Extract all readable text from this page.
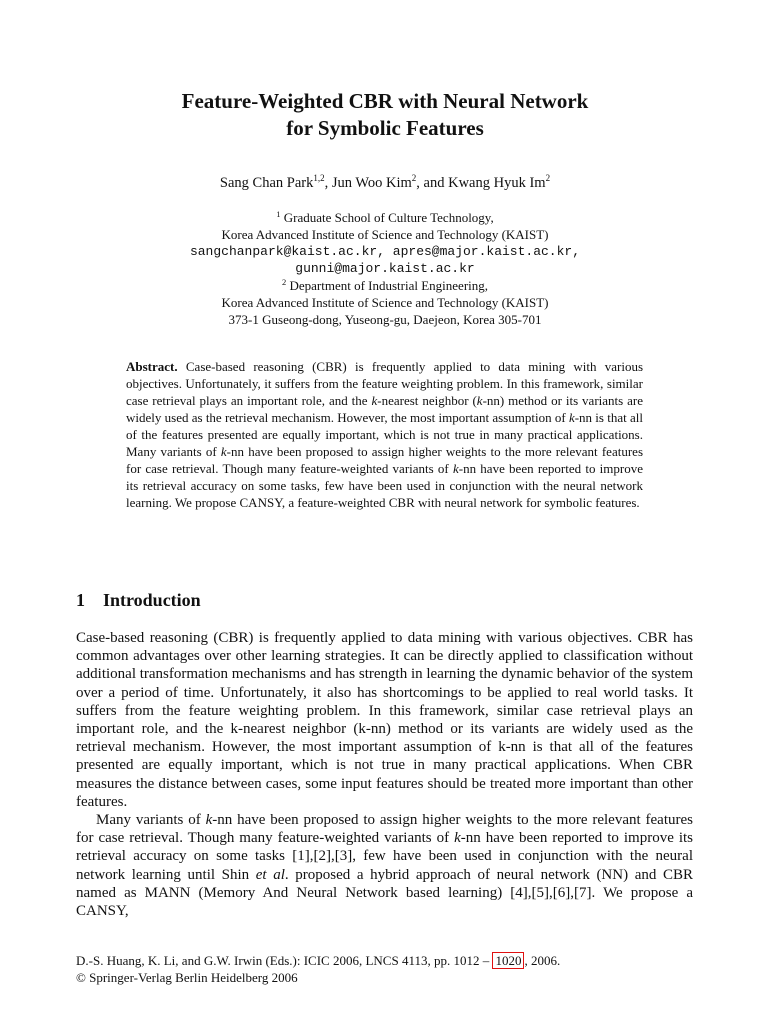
Feature-Weighted CBR with Neural Network
for Symbolic Features
Sang Chan Park$^{1,2}$, Jun Woo Kim$^2$, and Kwang Hyuk Im$^2$
$^1$ Graduate School of Culture Technology,
Korea Advanced Institute of Science and Technology (KAIST)
sangchanpark@kaist.ac.kr, apres@major.kaist.ac.kr,
gunni@major.kaist.ac.kr
$^2$ Department of Industrial Engineering,
Korea Advanced Institute of Science and Technology (KAIST)
373-1 Guseong-dong, Yuseong-gu, Daejeon, Korea 305-701
Abstract. Case-based reasoning (CBR) is frequently applied to data mining with various objectives. Unfortunately, it suffers from the feature weighting problem. In this framework, similar case retrieval plays an important role, and the k-nearest neighbor (k-nn) method or its variants are widely used as the retrieval mechanism. However, the most important assumption of k-nn is that all of the features presented are equally important, which is not true in many practical applications. Many variants of k-nn have been proposed to assign higher weights to the more relevant features for case retrieval. Though many feature-weighted variants of k-nn have been reported to improve its retrieval accuracy on some tasks, few have been used in conjunction with the neural network learning. We propose CANSY, a feature-weighted CBR with neural network for symbolic features.
1 Introduction

Case-based reasoning (CBR) is frequently applied to data mining with various objectives. CBR has common advantages over other learning strategies. It can be directly applied to classification without additional transformation mechanisms and has strength in learning the dynamic behavior of the system over a period of time. Unfortunately, it also has shortcomings to be applied to real world tasks. It suffers from the feature weighting problem. In this framework, similar case retrieval plays an important role, and the k-nearest neighbor (k-nn) method or its variants are widely used as the retrieval mechanism. However, the most important assumption of k-nn is that all of the features presented are equally important, which is not true in many practical applications. When CBR measures the distance between cases, some input features should be treated more important than other features.

Many variants of k-nn have been proposed to assign higher weights to the more relevant features for case retrieval. Though many feature-weighted variants of k-nn have been reported to improve its retrieval accuracy on some tasks [1],[2],[3], few have been used in conjunction with the neural network learning until Shin et al. proposed a hybrid approach of neural network (NN) and CBR named as MANN (Memory And Neural Network based learning) [4],[5],[6],[7]. We propose a CANSY,

D.-S. Huang, K. Li, and G.W. Irwin (Eds.): ICIC 2006, LNCS 4113, pp. 1012 – 1020 , 2006.
© Springer-Verlag Berlin Heidelberg 2006
